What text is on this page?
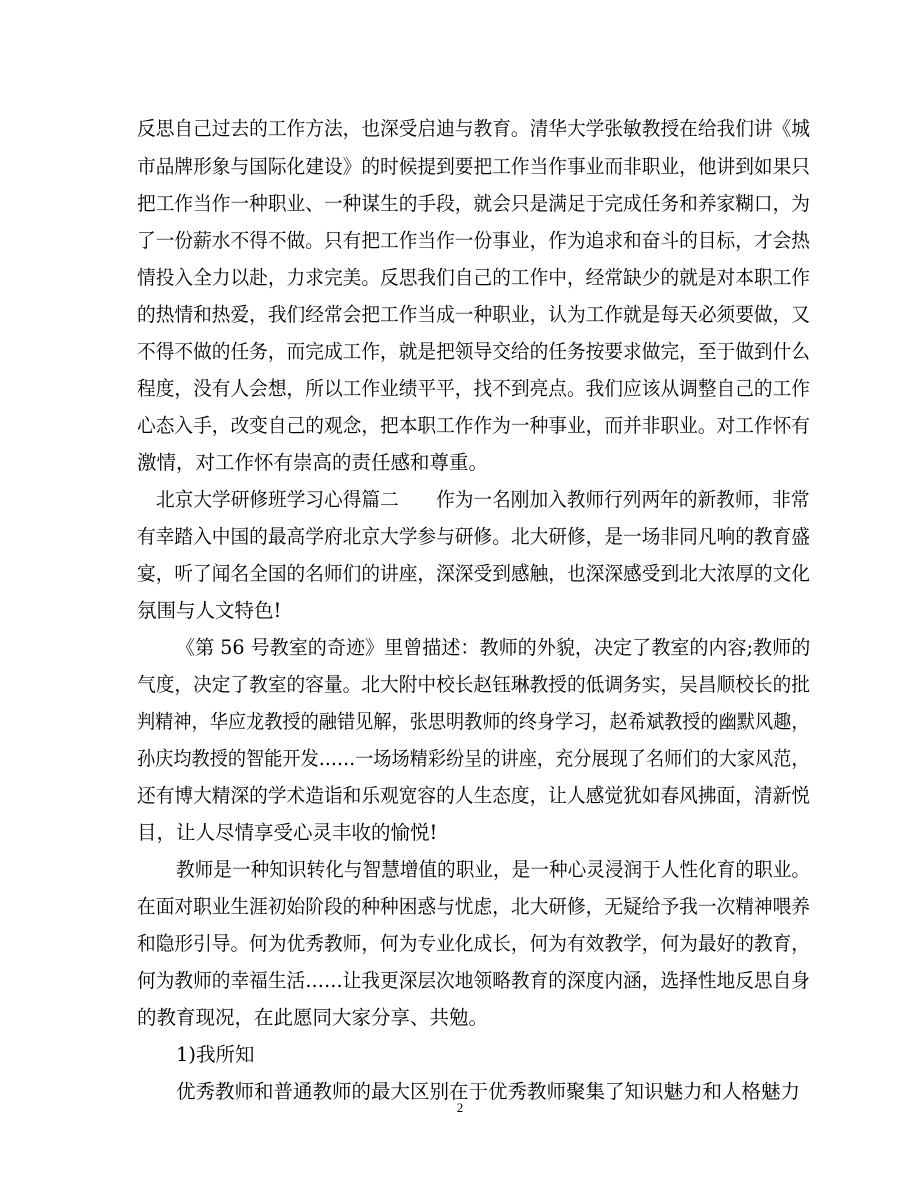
反思自己过去的工作方法，也深受启迪与教育。清华大学张敏教授在给我们讲《城
市品牌形象与国际化建设》的时候提到要把工作当作事业而非职业，他讲到如果只
把工作当作一种职业、一种谋生的手段，就会只是满足于完成任务和养家糊口，为
了一份薪水不得不做。只有把工作当作一份事业，作为追求和奋斗的目标，才会热
情投入全力以赴，力求完美。反思我们自己的工作中，经常缺少的就是对本职工作
的热情和热爱，我们经常会把工作当成一种职业，认为工作就是每天必须要做，又
不得不做的任务，而完成工作，就是把领导交给的任务按要求做完，至于做到什么
程度，没有人会想，所以工作业绩平平，找不到亮点。我们应该从调整自己的工作
心态入手，改变自己的观念，把本职工作作为一种事业，而并非职业。对工作怀有
激情，对工作怀有崇高的责任感和尊重。
北京大学研修班学习心得篇二　　作为一名刚加入教师行列两年的新教师，非常
有幸踏入中国的最高学府北京大学参与研修。北大研修，是一场非同凡响的教育盛
宴，听了闻名全国的名师们的讲座，深深受到感触，也深深感受到北大浓厚的文化
氛围与人文特色!
《第 56 号教室的奇迹》里曾描述：教师的外貌，决定了教室的内容;教师的
气度，决定了教室的容量。北大附中校长赵钰琳教授的低调务实，吴昌顺校长的批
判精神，华应龙教授的融错见解，张思明教师的终身学习，赵希斌教授的幽默风趣，
孙庆均教授的智能开发……一场场精彩纷呈的讲座，充分展现了名师们的大家风范，
还有博大精深的学术造诣和乐观宽容的人生态度，让人感觉犹如春风拂面，清新悦
目，让人尽情享受心灵丰收的愉悦!
教师是一种知识转化与智慧增值的职业，是一种心灵浸润于人性化育的职业。
在面对职业生涯初始阶段的种种困惑与忧虑，北大研修，无疑给予我一次精神喂养
和隐形引导。何为优秀教师，何为专业化成长，何为有效教学，何为最好的教育，
何为教师的幸福生活……让我更深层次地领略教育的深度内涵，选择性地反思自身
的教育现况，在此愿同大家分享、共勉。
1)我所知
优秀教师和普通教师的最大区别在于优秀教师聚集了知识魅力和人格魅力
2
